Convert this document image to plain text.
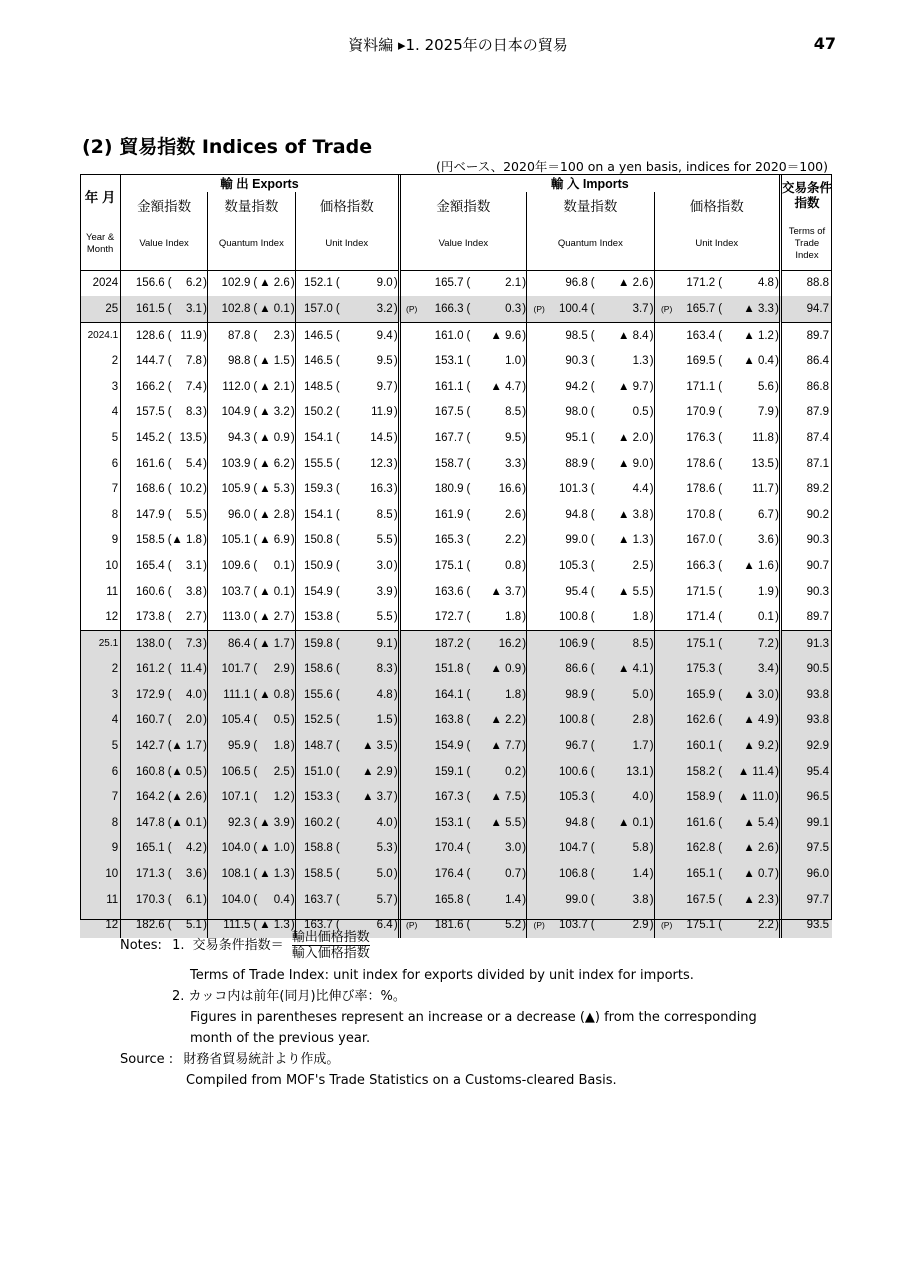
資料編 ▸1. 2025年の日本の貿易	47
(2) 貿易指数 Indices of Trade
(円ベース、2020年＝100 on a yen basis, indices for 2020＝100)
年 月	輸 出 Exports						輸 入 Imports									交易条件指数
	金額指数		数量指数		価格指数		金額指数			数量指数			価格指数			
Year & Month	Value Index		Quantum Index		Unit Index		Value Index			Quantum Index			Unit Index			Terms of Trade Index
2024	156.6	( 6.2 )	102.9	( ▲ 2.6 )	152.1	( 9.0 )		165.7	( 2.1 )		96.8	( ▲ 2.6 )		171.2	( 4.8 )	88.8
25	161.5	( 3.1 )	102.8	( ▲ 0.1 )	157.0	( 3.2 )	(P)	166.3	( 0.3 )	(P)	100.4	( 3.7 )	(P)	165.7	( ▲ 3.3 )	94.7
2024.1	128.6	( 11.9 )	87.8	( 2.3 )	146.5	( 9.4 )		161.0	( ▲ 9.6 )		98.5	( ▲ 8.4 )		163.4	( ▲ 1.2 )	89.7
2	144.7	( 7.8 )	98.8	( ▲ 1.5 )	146.5	( 9.5 )		153.1	( 1.0 )		90.3	( 1.3 )		169.5	( ▲ 0.4 )	86.4
3	166.2	( 7.4 )	112.0	( ▲ 2.1 )	148.5	( 9.7 )		161.1	( ▲ 4.7 )		94.2	( ▲ 9.7 )		171.1	( 5.6 )	86.8
4	157.5	( 8.3 )	104.9	( ▲ 3.2 )	150.2	( 11.9 )		167.5	( 8.5 )		98.0	( 0.5 )		170.9	( 7.9 )	87.9
5	145.2	( 13.5 )	94.3	( ▲ 0.9 )	154.1	( 14.5 )		167.7	( 9.5 )		95.1	( ▲ 2.0 )		176.3	( 11.8 )	87.4
6	161.6	( 5.4 )	103.9	( ▲ 6.2 )	155.5	( 12.3 )		158.7	( 3.3 )		88.9	( ▲ 9.0 )		178.6	( 13.5 )	87.1
7	168.6	( 10.2 )	105.9	( ▲ 5.3 )	159.3	( 16.3 )		180.9	( 16.6 )		101.3	( 4.4 )		178.6	( 11.7 )	89.2
8	147.9	( 5.5 )	96.0	( ▲ 2.8 )	154.1	( 8.5 )		161.9	( 2.6 )		94.8	( ▲ 3.8 )		170.8	( 6.7 )	90.2
9	158.5	( ▲ 1.8 )	105.1	( ▲ 6.9 )	150.8	( 5.5 )		165.3	( 2.2 )		99.0	( ▲ 1.3 )		167.0	( 3.6 )	90.3
10	165.4	( 3.1 )	109.6	( 0.1 )	150.9	( 3.0 )		175.1	( 0.8 )		105.3	( 2.5 )		166.3	( ▲ 1.6 )	90.7
11	160.6	( 3.8 )	103.7	( ▲ 0.1 )	154.9	( 3.9 )		163.6	( ▲ 3.7 )		95.4	( ▲ 5.5 )		171.5	( 1.9 )	90.3
12	173.8	( 2.7 )	113.0	( ▲ 2.7 )	153.8	( 5.5 )		172.7	( 1.8 )		100.8	( 1.8 )		171.4	( 0.1 )	89.7
25.1	138.0	( 7.3 )	86.4	( ▲ 1.7 )	159.8	( 9.1 )		187.2	( 16.2 )		106.9	( 8.5 )		175.1	( 7.2 )	91.3
2	161.2	( 11.4 )	101.7	( 2.9 )	158.6	( 8.3 )		151.8	( ▲ 0.9 )		86.6	( ▲ 4.1 )		175.3	( 3.4 )	90.5
3	172.9	( 4.0 )	111.1	( ▲ 0.8 )	155.6	( 4.8 )		164.1	( 1.8 )		98.9	( 5.0 )		165.9	( ▲ 3.0 )	93.8
4	160.7	( 2.0 )	105.4	( 0.5 )	152.5	( 1.5 )		163.8	( ▲ 2.2 )		100.8	( 2.8 )		162.6	( ▲ 4.9 )	93.8
5	142.7	( ▲ 1.7 )	95.9	( 1.8 )	148.7	( ▲ 3.5 )		154.9	( ▲ 7.7 )		96.7	( 1.7 )		160.1	( ▲ 9.2 )	92.9
6	160.8	( ▲ 0.5 )	106.5	( 2.5 )	151.0	( ▲ 2.9 )		159.1	( 0.2 )		100.6	( 13.1 )		158.2	( ▲ 11.4 )	95.4
7	164.2	( ▲ 2.6 )	107.1	( 1.2 )	153.3	( ▲ 3.7 )		167.3	( ▲ 7.5 )		105.3	( 4.0 )		158.9	( ▲ 11.0 )	96.5
8	147.8	( ▲ 0.1 )	92.3	( ▲ 3.9 )	160.2	( 4.0 )		153.1	( ▲ 5.5 )		94.8	( ▲ 0.1 )		161.6	( ▲ 5.4 )	99.1
9	165.1	( 4.2 )	104.0	( ▲ 1.0 )	158.8	( 5.3 )		170.4	( 3.0 )		104.7	( 5.8 )		162.8	( ▲ 2.6 )	97.5
10	171.3	( 3.6 )	108.1	( ▲ 1.3 )	158.5	( 5.0 )		176.4	( 0.7 )		106.8	( 1.4 )		165.1	( ▲ 0.7 )	96.0
11	170.3	( 6.1 )	104.0	( 0.4 )	163.7	( 5.7 )		165.8	( 1.4 )		99.0	( 3.8 )		167.5	( ▲ 2.3 )	97.7
12	182.6	( 5.1 )	111.5	( ▲ 1.3 )	163.7	( 6.4 )	(P)	181.6	( 5.2 )	(P)	103.7	( 2.9 )	(P)	175.1	( 2.2 )	93.5
Notes: 1. 交易条件指数＝ $\frac{\text{輸出価格指数}}{\text{輸入価格指数}}$
Terms of Trade Index: unit index for exports divided by unit index for imports.
2. カッコ内は前年(同月)比伸び率：%。
Figures in parentheses represent an increase or a decrease (▲) from the corresponding
month of the previous year.
Source : 財務省貿易統計より作成。
Compiled from MOF's Trade Statistics on a Customs-cleared Basis.
